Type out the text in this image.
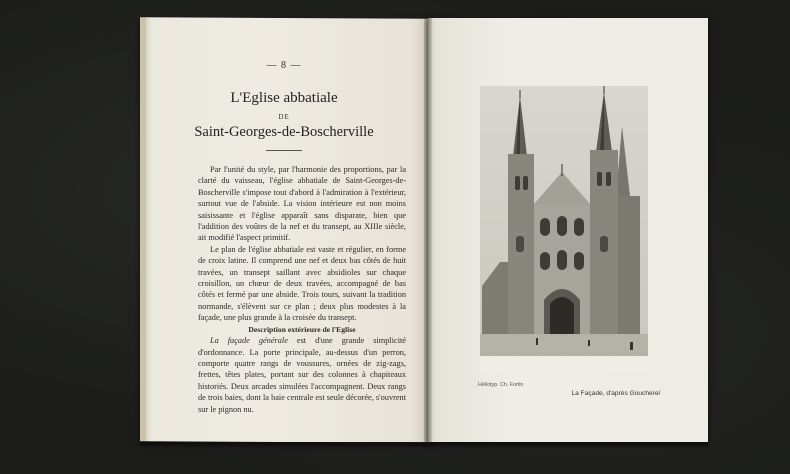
— 8 —
L'Eglise abbatiale
DE
Saint-Georges-de-Boscherville

Par l'unité du style, par l'harmonie des proportions, par la clarté du vaisseau, l'église abbatiale de Saint-Georges-de-Boscherville s'impose tout d'abord à l'admiration à l'extérieur, surtout vue de l'abside. La vision intérieure est non moins saisissante et l'église apparaît sans disparate, bien que l'addition des voûtes de la nef et du transept, au XIIIe siècle, ait modifié l'aspect primitif.

Le plan de l'église abbatiale est vaste et régulier, en forme de croix latine. Il comprend une nef et deux bas côtés de huit travées, un transept saillant avec absidioles sur chaque croisillon, un chœur de deux travées, accompagné de bas côtés et fermé par une abside. Trois tours, suivant la tradition normande, s'élèvent sur ce plan ; deux plus modestes à la façade, une plus grande à la croisée du transept.

Description extérieure de l'Eglise

La façade générale est d'une grande simplicité d'ordonnance. La porte principale, au-dessus d'un perron, comporte quatre rangs de voussures, ornées de zig-zags, frettes, têtes plates, portant sur des colonnes à chapiteaux historiés. Deux arcades simulées l'accompagnent. Deux rangs de trois baies, dont la baie centrale est seule décorée, s'ouvrent sur le pignon nu.

Héliotyp. Ch. Fortin
La Façade, d'après Goucherel
